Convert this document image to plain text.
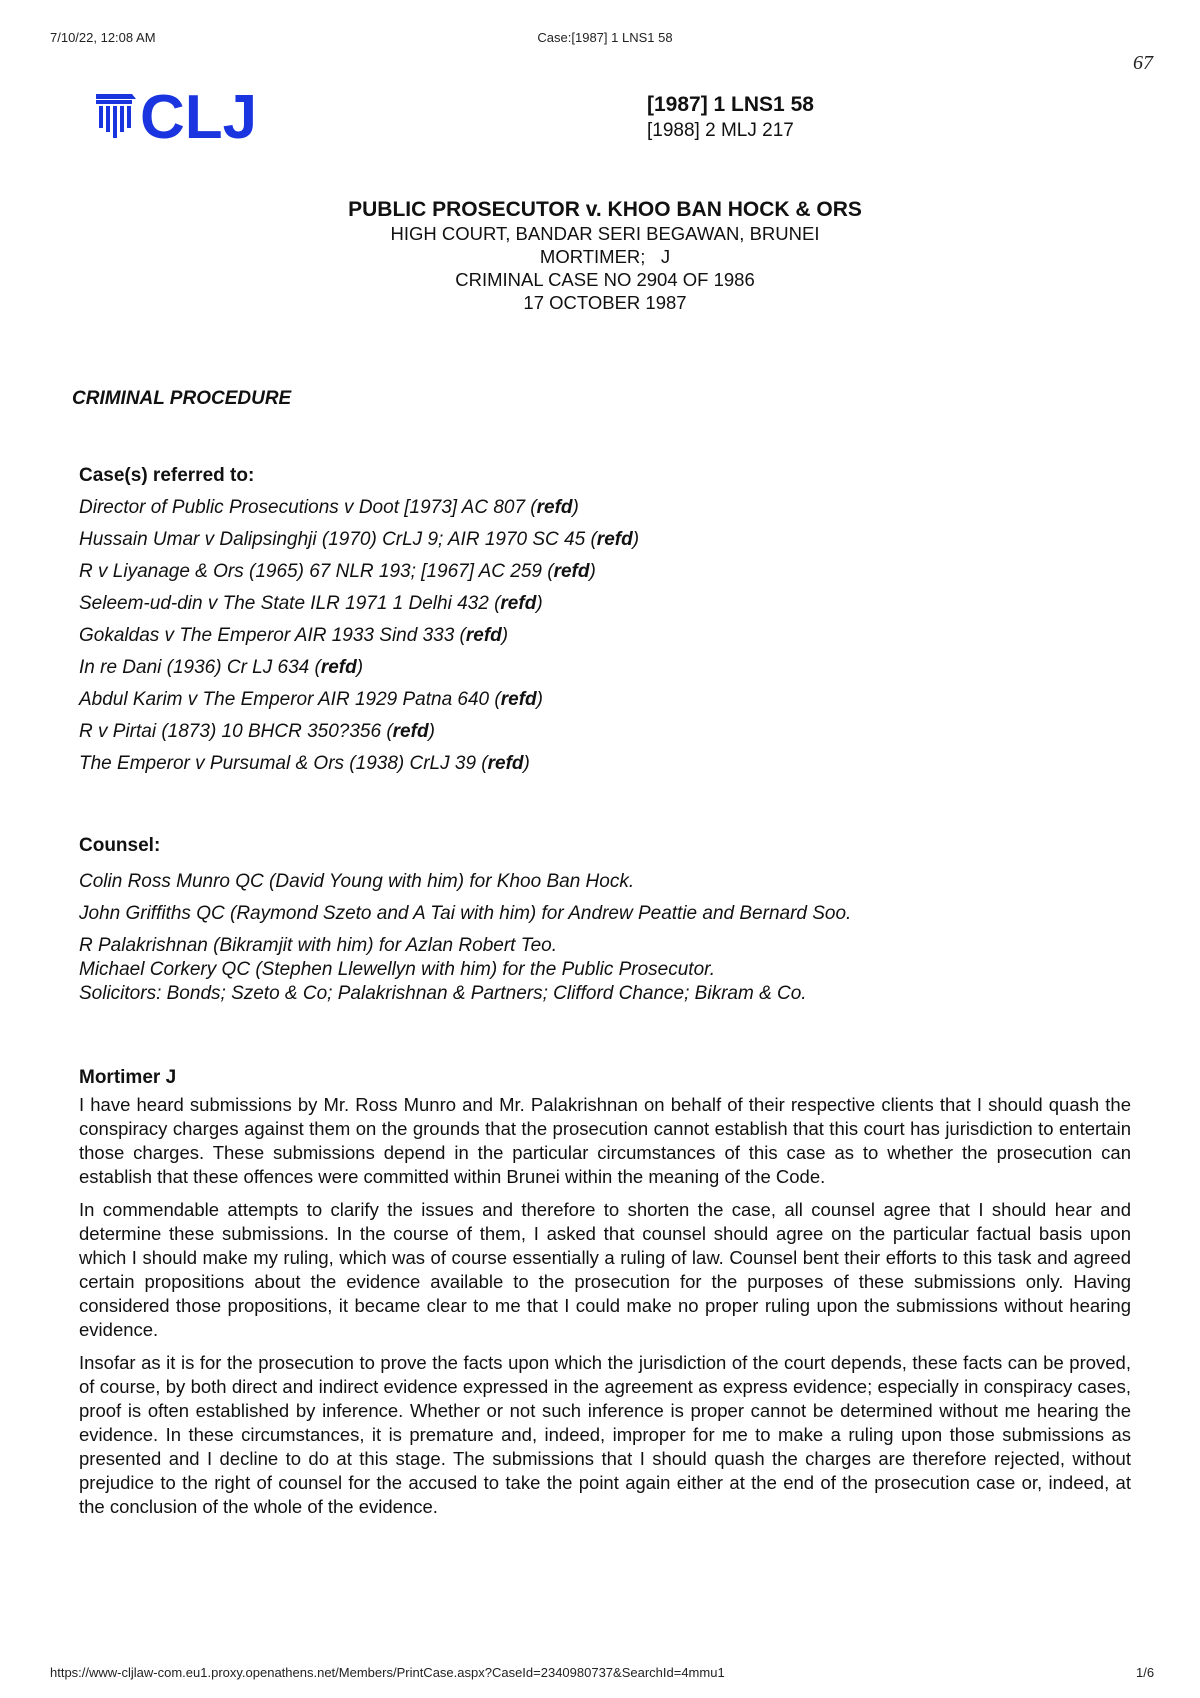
7/10/22, 12:08 AM	Case:[1987] 1 LNS1 58
67
CLJ	[1987] 1 LNS1 58
[1988] 2 MLJ 217
PUBLIC PROSECUTOR v. KHOO BAN HOCK & ORS
HIGH COURT, BANDAR SERI BEGAWAN, BRUNEI
MORTIMER;   J
CRIMINAL CASE NO 2904 OF 1986
17 OCTOBER 1987
CRIMINAL PROCEDURE
Case(s) referred to:
Director of Public Prosecutions v Doot [1973] AC 807 (refd)
Hussain Umar v Dalipsinghji (1970) CrLJ 9; AIR 1970 SC 45 (refd)
R v Liyanage & Ors (1965) 67 NLR 193; [1967] AC 259 (refd)
Seleem-ud-din v The State ILR 1971 1 Delhi 432 (refd)
Gokaldas v The Emperor AIR 1933 Sind 333 (refd)
In re Dani (1936) Cr LJ 634 (refd)
Abdul Karim v The Emperor AIR 1929 Patna 640 (refd)
R v Pirtai (1873) 10 BHCR 350?356 (refd)
The Emperor v Pursumal & Ors (1938) CrLJ 39 (refd)
Counsel:
Colin Ross Munro QC (David Young with him) for Khoo Ban Hock.
John Griffiths QC (Raymond Szeto and A Tai with him) for Andrew Peattie and Bernard Soo.
R Palakrishnan (Bikramjit with him) for Azlan Robert Teo.
Michael Corkery QC (Stephen Llewellyn with him) for the Public Prosecutor.
Solicitors: Bonds; Szeto & Co; Palakrishnan & Partners; Clifford Chance; Bikram & Co.
Mortimer J

I have heard submissions by Mr. Ross Munro and Mr. Palakrishnan on behalf of their respective clients that I should quash the conspiracy charges against them on the grounds that the prosecution cannot establish that this court has jurisdiction to entertain those charges. These submissions depend in the particular circumstances of this case as to whether the prosecution can establish that these offences were committed within Brunei within the meaning of the Code.

In commendable attempts to clarify the issues and therefore to shorten the case, all counsel agree that I should hear and determine these submissions. In the course of them, I asked that counsel should agree on the particular factual basis upon which I should make my ruling, which was of course essentially a ruling of law. Counsel bent their efforts to this task and agreed certain propositions about the evidence available to the prosecution for the purposes of these submissions only. Having considered those propositions, it became clear to me that I could make no proper ruling upon the submissions without hearing evidence.

Insofar as it is for the prosecution to prove the facts upon which the jurisdiction of the court depends, these facts can be proved, of course, by both direct and indirect evidence expressed in the agreement as express evidence; especially in conspiracy cases, proof is often established by inference. Whether or not such inference is proper cannot be determined without me hearing the evidence. In these circumstances, it is premature and, indeed, improper for me to make a ruling upon those submissions as presented and I decline to do at this stage. The submissions that I should quash the charges are therefore rejected, without prejudice to the right of counsel for the accused to take the point again either at the end of the prosecution case or, indeed, at the conclusion of the whole of the evidence.

https://www-cljlaw-com.eu1.proxy.openathens.net/Members/PrintCase.aspx?CaseId=2340980737&SearchId=4mmu1	1/6
